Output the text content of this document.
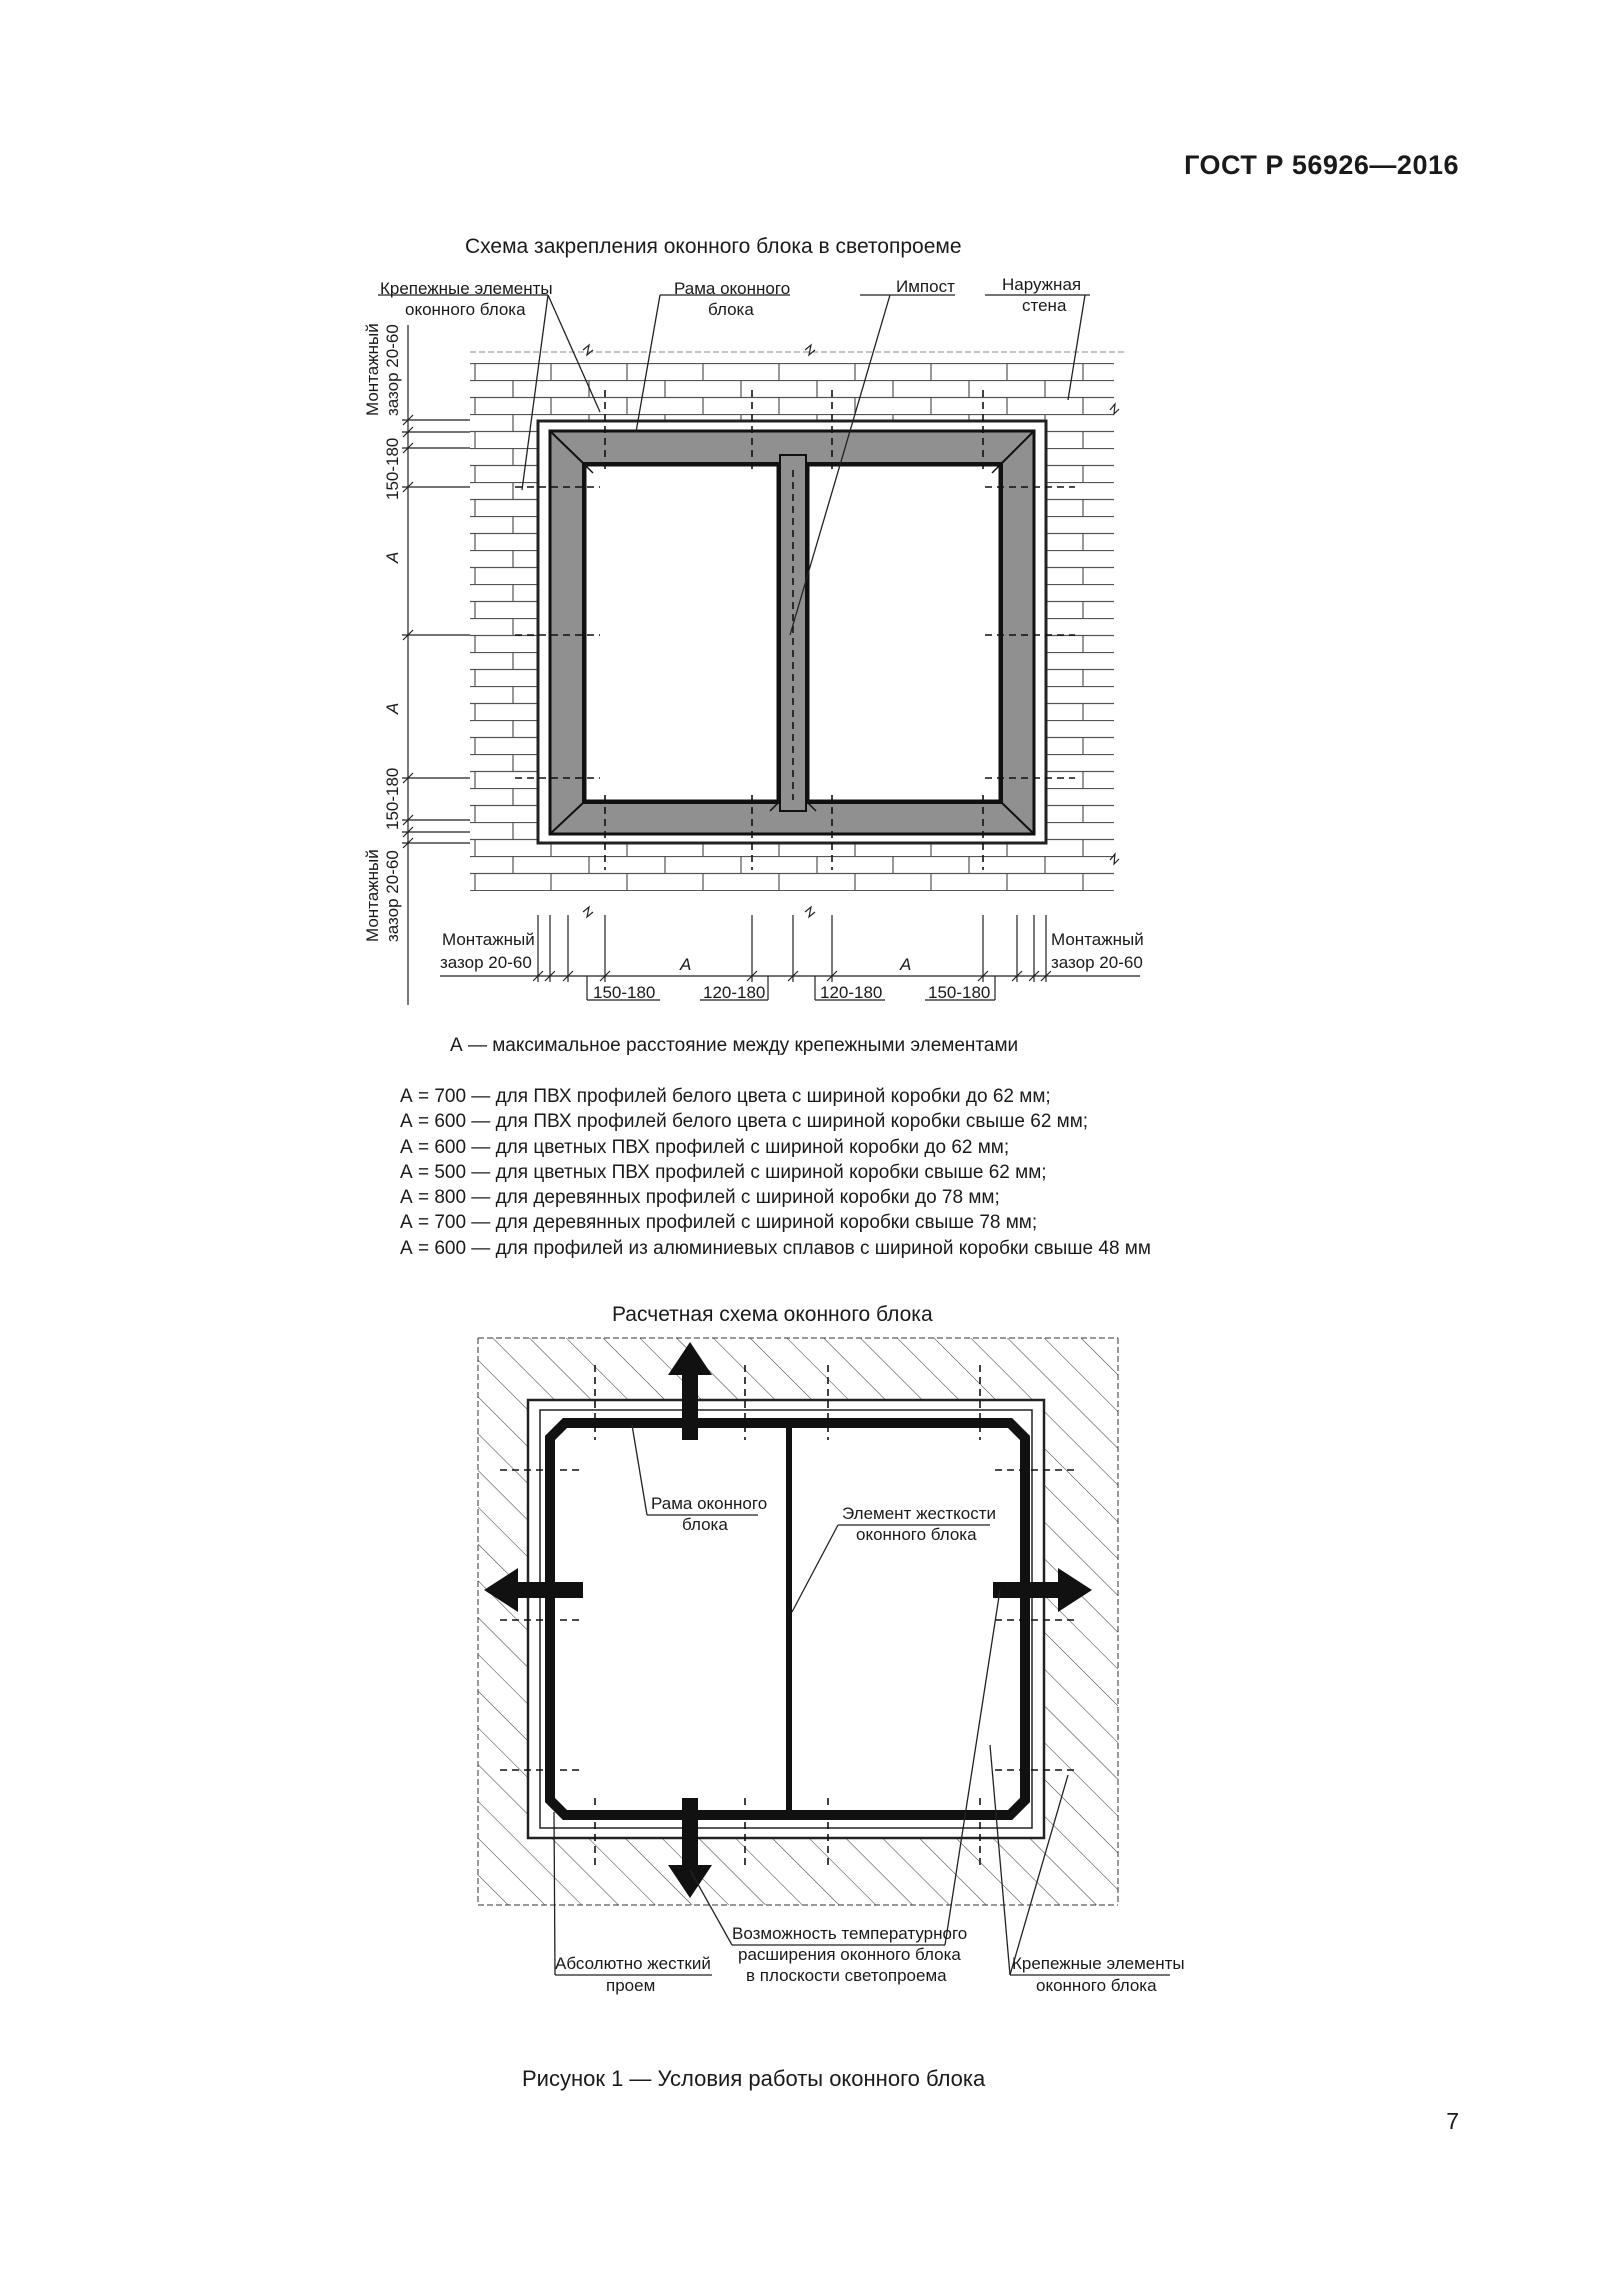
ГОСТ Р 56926—2016
Схема закрепления оконного блока в светопроеме
Крепежные элементы
оконного блока
Рама оконного
блока
Импост	Наружная
стена
Монтажный зазор 20-60
150-180
A
A
150-180
Монтажный зазор 20-60 Монтажный
зазор 20-60
Монтажный
зазор 20-60
A	A
150-180	120-180	120-180	150-180
А — максимальное расстояние между крепежными элементами
А = 700 — для ПВХ профилей белого цвета с шириной коробки до 62 мм;
А = 600 — для ПВХ профилей белого цвета с шириной коробки свыше 62 мм;
А = 600 — для цветных ПВХ профилей с шириной коробки до 62 мм;
А = 500 — для цветных ПВХ профилей с шириной коробки свыше 62 мм;
А = 800 — для деревянных профилей с шириной коробки до 78 мм;
А = 700 — для деревянных профилей с шириной коробки свыше 78 мм;
А = 600 — для профилей из алюминиевых сплавов с шириной коробки свыше 48 мм
Расчетная схема оконного блока
Рама оконного
блока
Элемент жесткости
оконного блока
Абсолютно жесткий
проем
Возможность температурного
расширения оконного блока
в плоскости светопроема
Крепежные элементы
оконного блока
Рисунок 1 — Условия работы оконного блока
7
